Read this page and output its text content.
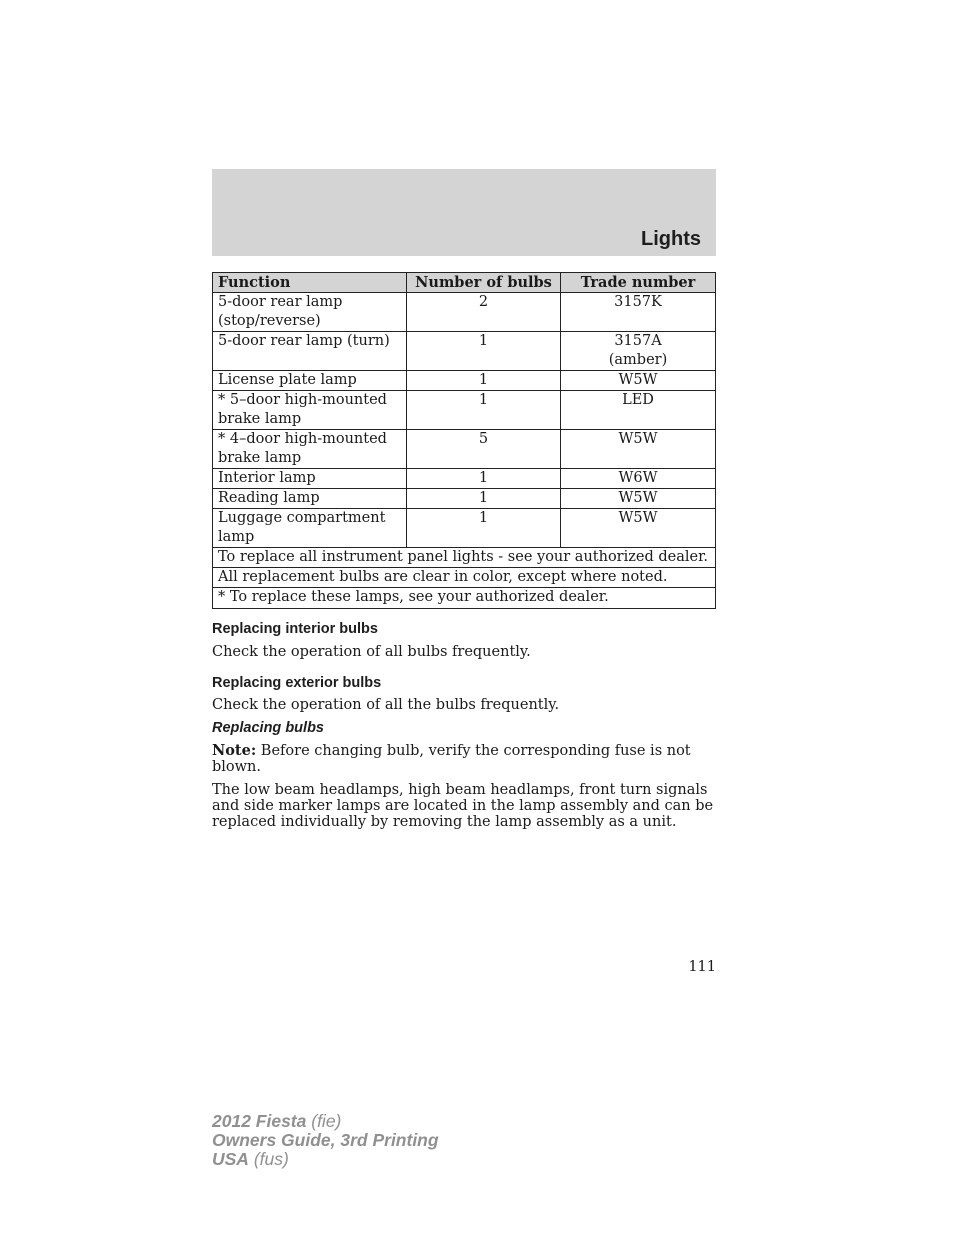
Lights
Function	Number of bulbs	Trade number
5-door rear lamp (stop/reverse)	2	3157K
5-door rear lamp (turn)	1	3157A (amber)

License plate lamp	1	W5W
* 5–door high-mounted brake lamp	1	LED
* 4–door high-mounted brake lamp	5	W5W
Interior lamp	1	W6W
Reading lamp	1	W5W
Luggage compartment lamp	1	W5W
To replace all instrument panel lights - see your authorized dealer.		
All replacement bulbs are clear in color, except where noted.		
* To replace these lamps, see your authorized dealer.		
Replacing interior bulbs

Check the operation of all bulbs frequently.

Replacing exterior bulbs

Check the operation of all the bulbs frequently.

Replacing bulbs

Note: Before changing bulb, verify the corresponding fuse is not blown.

The low beam headlamps, high beam headlamps, front turn signals and side marker lamps are located in the lamp assembly and can be replaced individually by removing the lamp assembly as a unit.

111
2012 Fiesta (fie)
Owners Guide, 3rd Printing
USA (fus)
